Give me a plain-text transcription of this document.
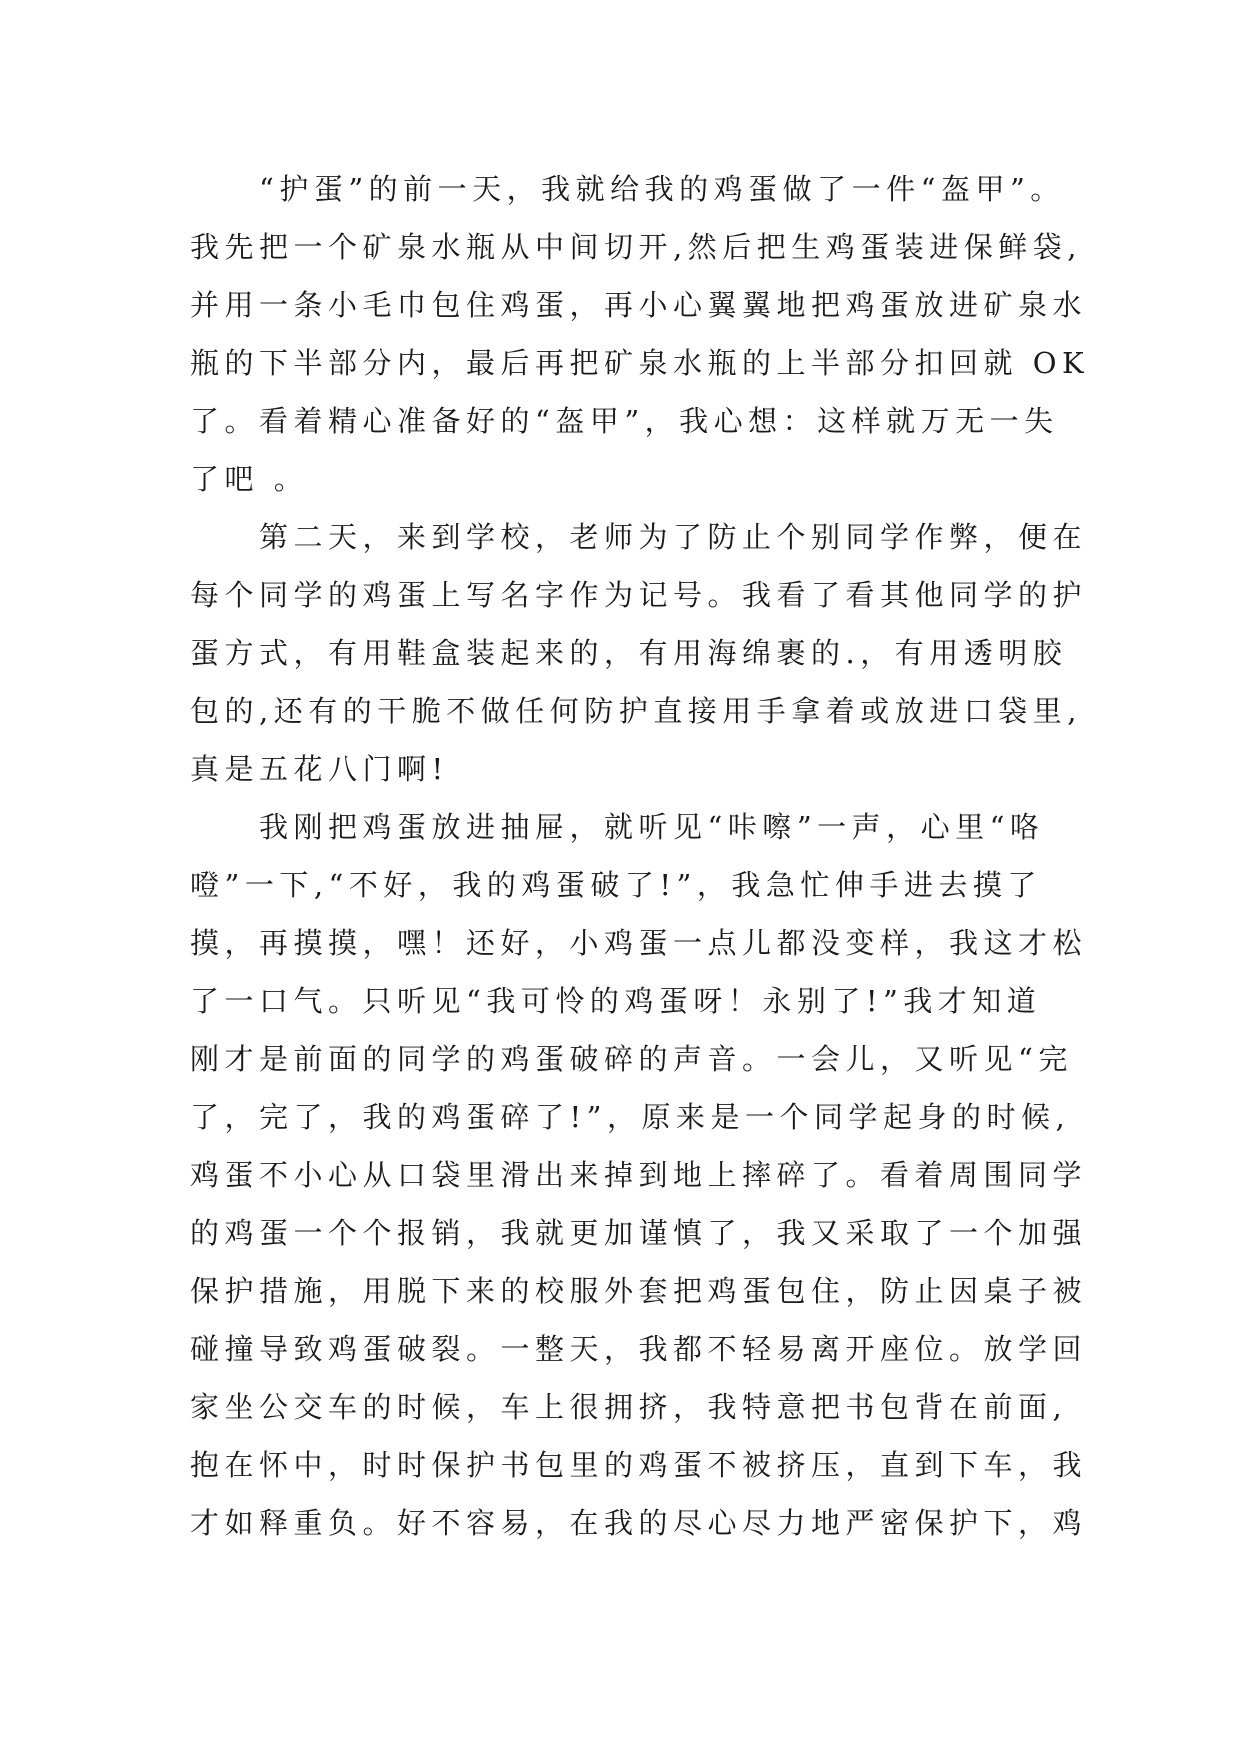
　　“护蛋”的前一天，我就给我的鸡蛋做了一件“盔甲”。
我先把一个矿泉水瓶从中间切开,然后把生鸡蛋装进保鲜袋,
并用一条小毛巾包住鸡蛋，再小心翼翼地把鸡蛋放进矿泉水
瓶的下半部分内，最后再把矿泉水瓶的上半部分扣回就 OK
了。看着精心准备好的“盔甲”，我心想：这样就万无一失
了吧 。
　　第二天，来到学校，老师为了防止个别同学作弊，便在
每个同学的鸡蛋上写名字作为记号。我看了看其他同学的护
蛋方式，有用鞋盒装起来的，有用海绵裹的.，有用透明胶
包的,还有的干脆不做任何防护直接用手拿着或放进口袋里,
真是五花八门啊!
　　我刚把鸡蛋放进抽屉，就听见“咔嚓”一声，心里“咯
噔”一下,“不好，我的鸡蛋破了!”，我急忙伸手进去摸了
摸，再摸摸，嘿！还好，小鸡蛋一点儿都没变样，我这才松
了一口气。只听见“我可怜的鸡蛋呀！永别了!”我才知道
刚才是前面的同学的鸡蛋破碎的声音。一会儿，又听见“完
了，完了，我的鸡蛋碎了!”，原来是一个同学起身的时候,
鸡蛋不小心从口袋里滑出来掉到地上摔碎了。看着周围同学
的鸡蛋一个个报销，我就更加谨慎了，我又采取了一个加强
保护措施，用脱下来的校服外套把鸡蛋包住，防止因桌子被
碰撞导致鸡蛋破裂。一整天，我都不轻易离开座位。放学回
家坐公交车的时候，车上很拥挤，我特意把书包背在前面,
抱在怀中，时时保护书包里的鸡蛋不被挤压，直到下车，我
才如释重负。好不容易，在我的尽心尽力地严密保护下，鸡
